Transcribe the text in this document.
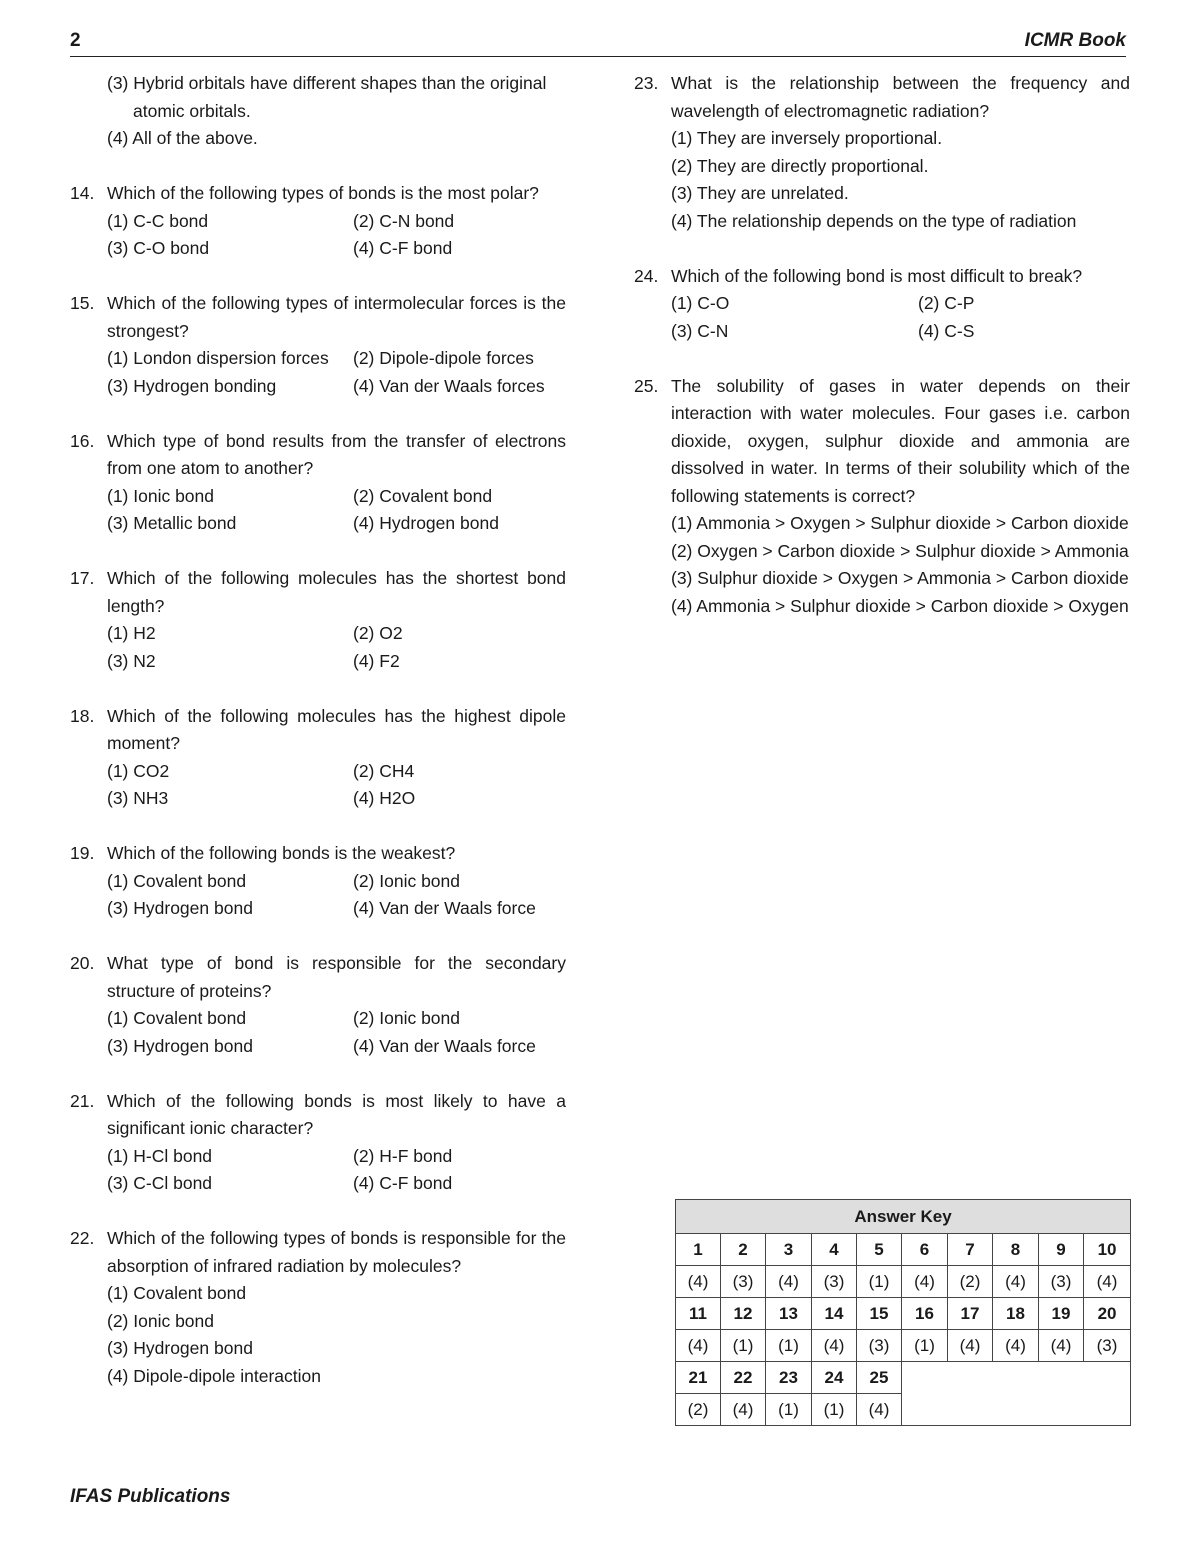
2	ICMR Book
(3) Hybrid orbitals have different shapes than the original
atomic orbitals.
(4) All of the above.
14. Which of the following types of bonds is the most polar?
(1) C-C bond	(2) C-N bond
(3) C-O bond	(4) C-F bond
15. Which of the following types of intermolecular forces is the strongest?
(1) London dispersion forces	(2) Dipole-dipole forces
(3) Hydrogen bonding	(4) Van der Waals forces
16. Which type of bond results from the transfer of electrons from one atom to another?
(1) Ionic bond	(2) Covalent bond
(3) Metallic bond	(4) Hydrogen bond
17. Which of the following molecules has the shortest bond length?
(1) H2	(2) O2
(3) N2	(4) F2
18. Which of the following molecules has the highest dipole moment?
(1) CO2	(2) CH4
(3) NH3	(4) H2O
19. Which of the following bonds is the weakest?
(1) Covalent bond	(2) Ionic bond
(3) Hydrogen bond	(4) Van der Waals force
20. What type of bond is responsible for the secondary structure of proteins?
(1) Covalent bond	(2) Ionic bond
(3) Hydrogen bond	(4) Van der Waals force
21. Which of the following bonds is most likely to have a significant ionic character?
(1) H-Cl bond	(2) H-F bond
(3) C-Cl bond	(4) C-F bond
22. Which of the following types of bonds is responsible for the absorption of infrared radiation by molecules?
(1) Covalent bond
(2) Ionic bond
(3) Hydrogen bond
(4) Dipole-dipole interaction
23. What is the relationship between the frequency and wavelength of electromagnetic radiation?
(1) They are inversely proportional.
(2) They are directly proportional.
(3) They are unrelated.
(4) The relationship depends on the type of radiation
24. Which of the following bond is most difficult to break?
(1) C-O	(2) C-P
(3) C-N	(4) C-S
25. The solubility of gases in water depends on their interaction with water molecules. Four gases i.e. carbon dioxide, oxygen, sulphur dioxide and ammonia are dissolved in water. In terms of their solubility which of the following statements is correct?
(1) Ammonia > Oxygen > Sulphur dioxide > Carbon dioxide
(2) Oxygen > Carbon dioxide > Sulphur dioxide > Ammonia
(3) Sulphur dioxide > Oxygen > Ammonia > Carbon dioxide
(4) Ammonia > Sulphur dioxide > Carbon dioxide > Oxygen
Answer Key									
1	2	3	4	5	6	7	8	9	10
(4)	(3)	(4)	(3)	(1)	(4)	(2)	(4)	(3)	(4)
11	12	13	14	15	16	17	18	19	20
(4)	(1)	(1)	(4)	(3)	(1)	(4)	(4)	(4)	(3)
21	22	23	24	25					
(2)	(4)	(1)	(1)	(4)					
IFAS Publications
